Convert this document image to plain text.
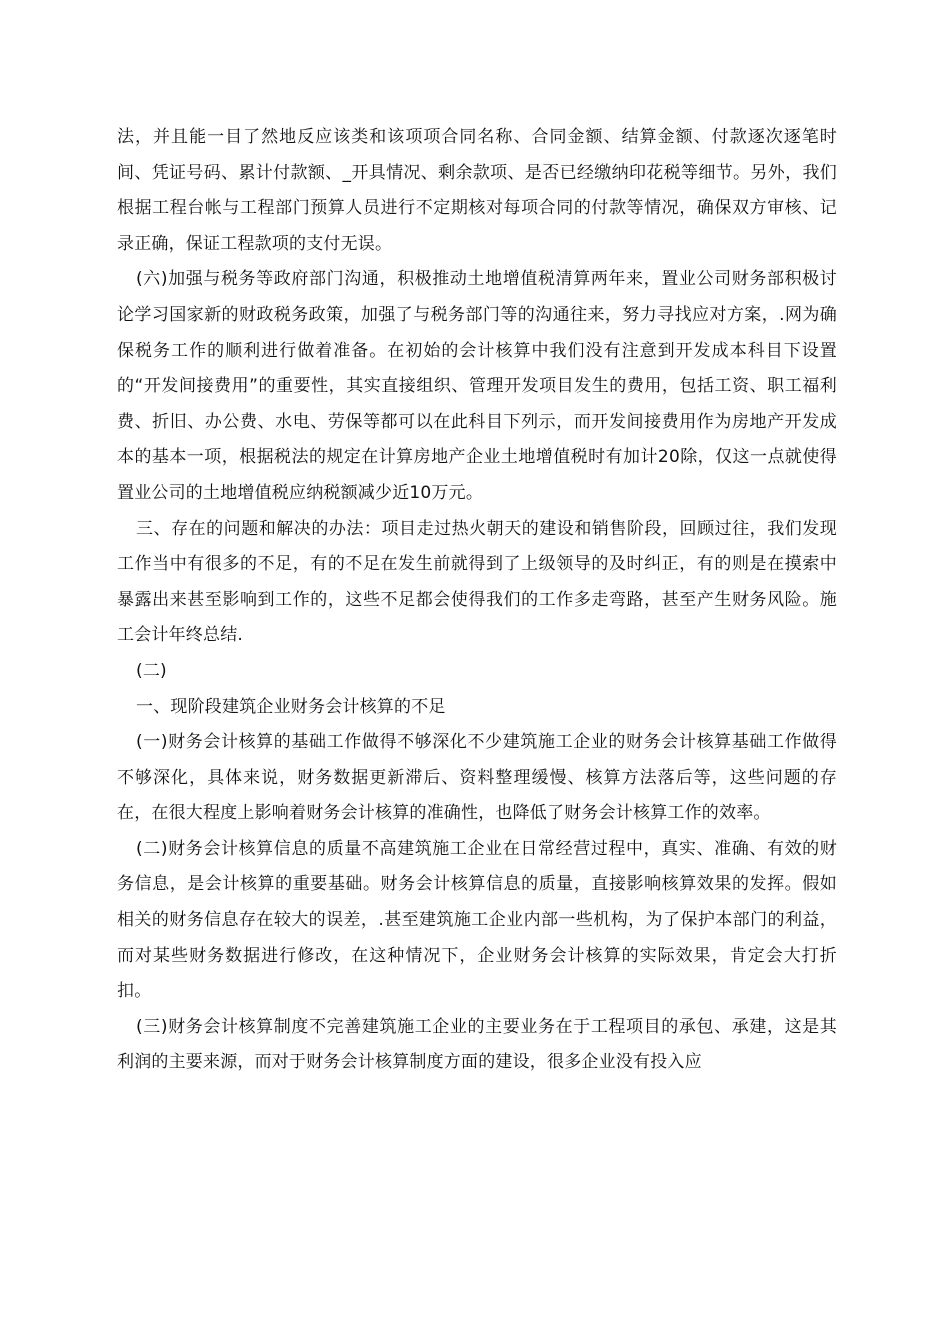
法，并且能一目了然地反应该类和该项项合同名称、合同金额、结算金额、付款逐次逐笔时间、凭证号码、累计付款额、_开具情况、剩余款项、是否已经缴纳印花税等细节。另外，我们根据工程台帐与工程部门预算人员进行不定期核对每项合同的付款等情况，确保双方审核、记录正确，保证工程款项的支付无误。

(六)加强与税务等政府部门沟通，积极推动土地增值税清算两年来，置业公司财务部积极讨论学习国家新的财政税务政策，加强了与税务部门等的沟通往来，努力寻找应对方案，.网为确保税务工作的顺利进行做着准备。在初始的会计核算中我们没有注意到开发成本科目下设置的“开发间接费用”的重要性，其实直接组织、管理开发项目发生的费用，包括工资、职工福利费、折旧、办公费、水电、劳保等都可以在此科目下列示，而开发间接费用作为房地产开发成本的基本一项，根据税法的规定在计算房地产企业土地增值税时有加计20除，仅这一点就使得置业公司的土地增值税应纳税额减少近10万元。

三、存在的问题和解决的办法：项目走过热火朝天的建设和销售阶段，回顾过往，我们发现工作当中有很多的不足，有的不足在发生前就得到了上级领导的及时纠正，有的则是在摸索中暴露出来甚至影响到工作的，这些不足都会使得我们的工作多走弯路，甚至产生财务风险。施工会计年终总结.

(二)

一、现阶段建筑企业财务会计核算的不足

(一)财务会计核算的基础工作做得不够深化不少建筑施工企业的财务会计核算基础工作做得不够深化，具体来说，财务数据更新滞后、资料整理缓慢、核算方法落后等，这些问题的存在，在很大程度上影响着财务会计核算的准确性，也降低了财务会计核算工作的效率。

(二)财务会计核算信息的质量不高建筑施工企业在日常经营过程中，真实、准确、有效的财务信息，是会计核算的重要基础。财务会计核算信息的质量，直接影响核算效果的发挥。假如相关的财务信息存在较大的误差，.甚至建筑施工企业内部一些机构，为了保护本部门的利益，而对某些财务数据进行修改，在这种情况下，企业财务会计核算的实际效果，肯定会大打折扣。

(三)财务会计核算制度不完善建筑施工企业的主要业务在于工程项目的承包、承建，这是其利润的主要来源，而对于财务会计核算制度方面的建设，很多企业没有投入应
